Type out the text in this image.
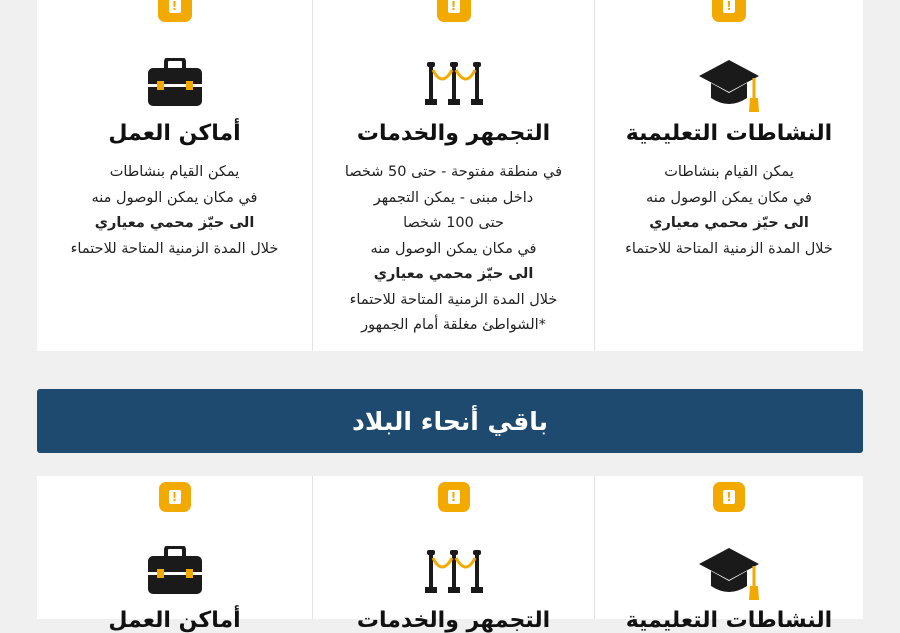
!
النشاطات التعليمية
يمكن القيام بنشاطات
في مكان يمكن الوصول منه
الى حيّز محمي معياري
خلال المدة الزمنية المتاحة للاحتماء
!
التجمهر والخدمات
في منطقة مفتوحة - حتى 50 شخصا
داخل مبنى - يمكن التجمهر
حتى 100 شخصا
في مكان يمكن الوصول منه
الى حيّز محمي معياري
خلال المدة الزمنية المتاحة للاحتماء
*الشواطئ مغلقة أمام الجمهور
!
أماكن العمل
يمكن القيام بنشاطات
في مكان يمكن الوصول منه
الى حيّز محمي معياري
خلال المدة الزمنية المتاحة للاحتماء
باقي أنحاء البلاد
!
النشاطات التعليمية
!
التجمهر والخدمات
!
أماكن العمل
